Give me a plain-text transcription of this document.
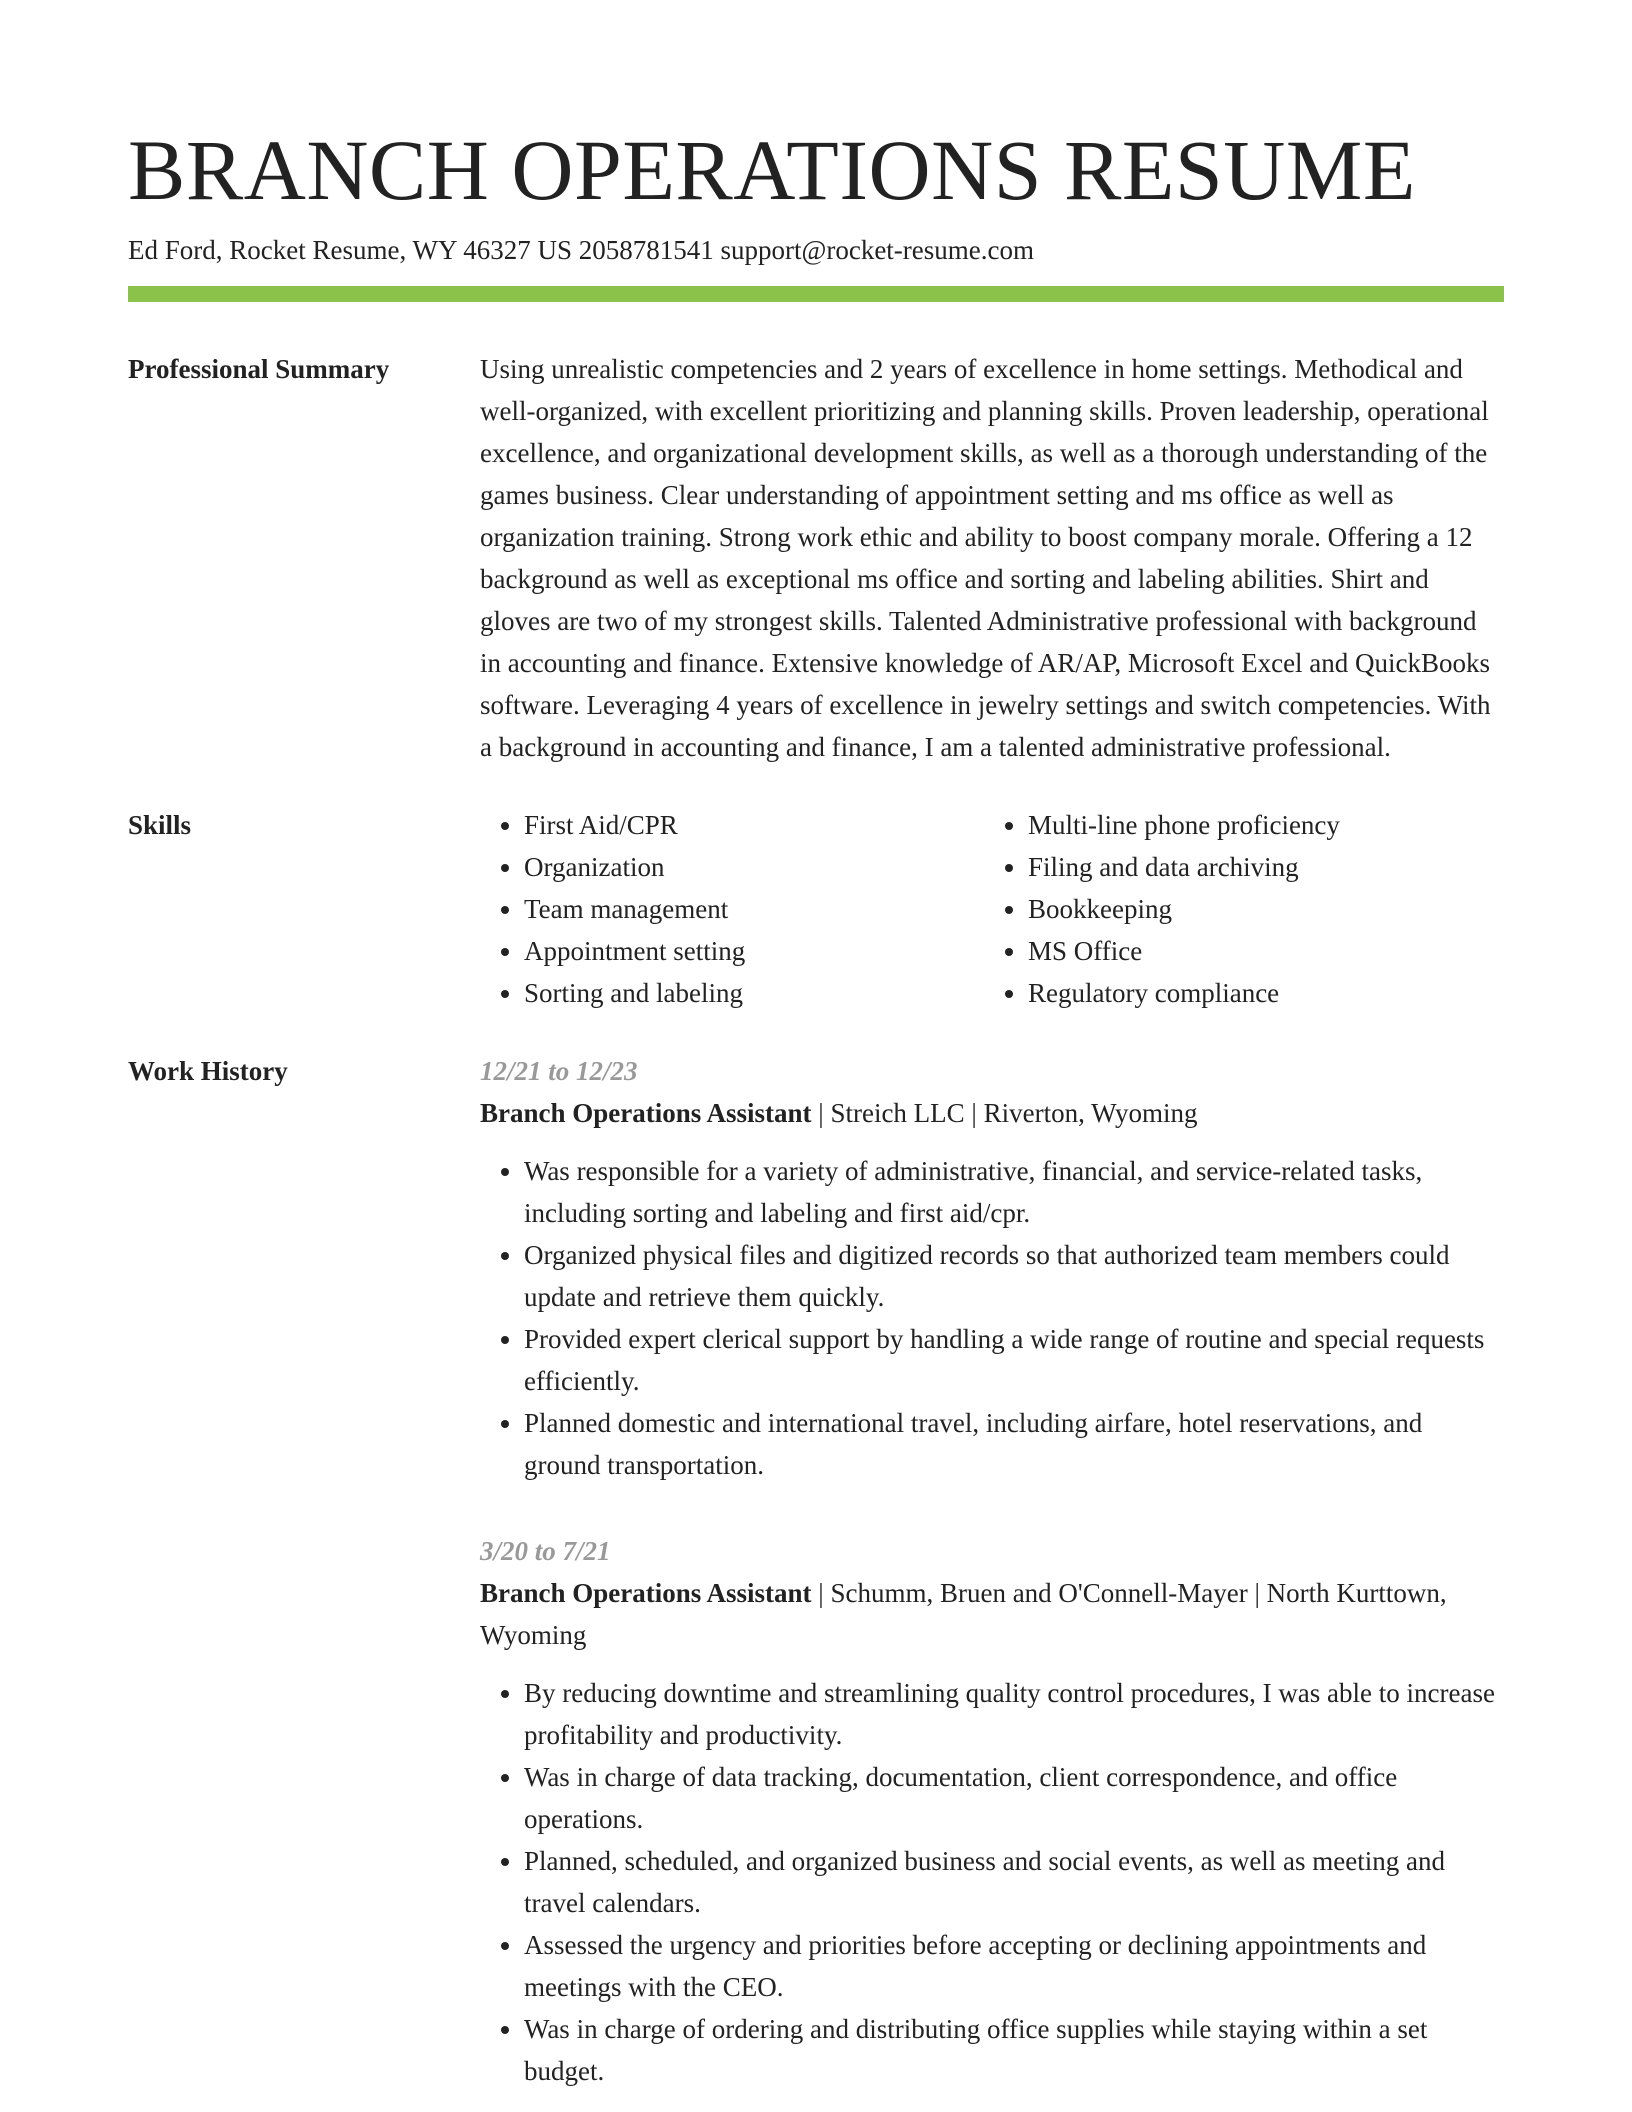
BRANCH OPERATIONS RESUME
Ed Ford, Rocket Resume, WY 46327 US 2058781541 support@rocket-resume.com
Professional Summary	Using unrealistic competencies and 2 years of excellence in home settings. Methodical and well-organized, with excellent prioritizing and planning skills. Proven leadership, operational excellence, and organizational development skills, as well as a thorough understanding of the games business. Clear understanding of appointment setting and ms office as well as organization training. Strong work ethic and ability to boost company morale. Offering a 12 background as well as exceptional ms office and sorting and labeling abilities. Shirt and gloves are two of my strongest skills. Talented Administrative professional with background in accounting and finance. Extensive knowledge of AR/AP, Microsoft Excel and QuickBooks software. Leveraging 4 years of excellence in jewelry settings and switch competencies. With a background in accounting and finance, I am a talented administrative professional.

Skills
•	First Aid/CPR
• Organization
• Team management
• Appointment setting
• Sorting and labeling
• Multi-line phone proficiency
• Filing and data archiving
• Bookkeeping
• MS Office
• Regulatory compliance
Work History	12/21 to 12/23
Branch Operations Assistant | Streich LLC | Riverton, Wyoming
• Was responsible for a variety of administrative, financial, and service-related tasks, including sorting and labeling and first aid/cpr.
• Organized physical files and digitized records so that authorized team members could update and retrieve them quickly.
• Provided expert clerical support by handling a wide range of routine and special requests efficiently.
• Planned domestic and international travel, including airfare, hotel reservations, and ground transportation.
3/20 to 7/21
Branch Operations Assistant | Schumm, Bruen and O'Connell-Mayer | North Kurttown, Wyoming
• By reducing downtime and streamlining quality control procedures, I was able to increase profitability and productivity.
• Was in charge of data tracking, documentation, client correspondence, and office operations.
• Planned, scheduled, and organized business and social events, as well as meeting and travel calendars.
• Assessed the urgency and priorities before accepting or declining appointments and meetings with the CEO.
• Was in charge of ordering and distributing office supplies while staying within a set budget.
